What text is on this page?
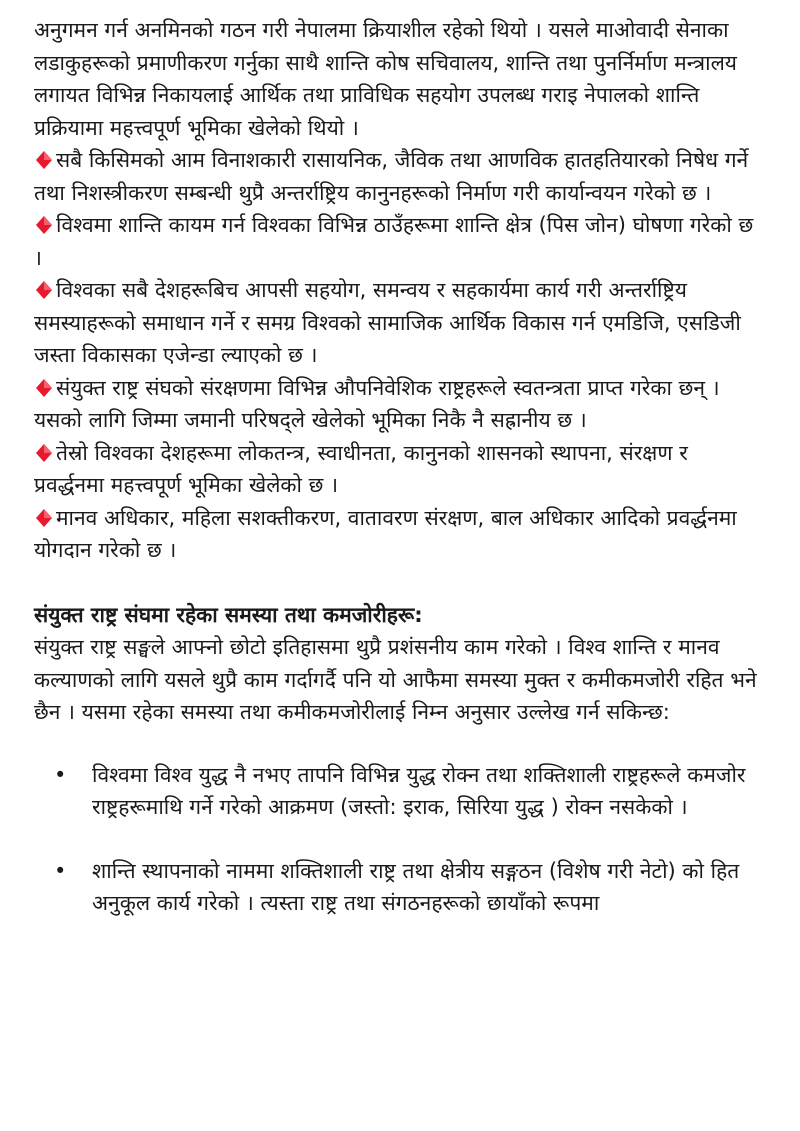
अनुगमन गर्न अनमिनको गठन गरी नेपालमा क्रियाशील रहेको थियो । यसले माओवादी सेनाका लडाकुहरूको प्रमाणीकरण गर्नुका साथै शान्ति कोष सचिवालय, शान्ति तथा पुनर्निर्माण मन्त्रालय लगायत विभिन्न निकायलाई आर्थिक तथा प्राविधिक सहयोग उपलब्ध गराइ नेपालको शान्ति प्रक्रियामा महत्त्वपूर्ण भूमिका खेलेको थियो ।

सबै किसिमको आम विनाशकारी रासायनिक, जैविक तथा आणविक हातहतियारको निषेध गर्ने तथा निशस्त्रीकरण सम्बन्धी थुप्रै अन्तर्राष्ट्रिय कानुनहरूको निर्माण गरी कार्यान्वयन गरेको छ ।

विश्वमा शान्ति कायम गर्न विश्वका विभिन्न ठाउँहरूमा शान्ति क्षेत्र (पिस जोन) घोषणा गरेको छ ।

विश्वका सबै देशहरूबिच आपसी सहयोग, समन्वय र सहकार्यमा कार्य गरी अन्तर्राष्ट्रिय समस्याहरूको समाधान गर्ने र समग्र विश्वको सामाजिक आर्थिक विकास गर्न एमडिजि, एसडिजी जस्ता विकासका एजेन्डा ल्याएको छ ।

संयुक्त राष्ट्र संघको संरक्षणमा विभिन्न औपनिवेशिक राष्ट्रहरूले स्वतन्त्रता प्राप्त गरेका छन् । यसको लागि जिम्मा जमानी परिषद्ले खेलेको भूमिका निकै नै सह्रानीय छ ।

तेस्रो विश्वका देशहरूमा लोकतन्त्र, स्वाधीनता, कानुनको शासनको स्थापना, संरक्षण र प्रवर्द्धनमा महत्त्वपूर्ण भूमिका खेलेको छ ।

मानव अधिकार, महिला सशक्तीकरण, वातावरण संरक्षण, बाल अधिकार आदिको प्रवर्द्धनमा योगदान गरेको छ ।

संयुक्त राष्ट्र संघमा रहेका समस्या तथा कमजोरीहरू:

संयुक्त राष्ट्र सङ्घले आफ्नो छोटो इतिहासमा थुप्रै प्रशंसनीय काम गरेको । विश्व शान्ति र मानव कल्याणको लागि यसले थुप्रै काम गर्दागर्दै पनि यो आफैमा समस्या मुक्त र कमीकमजोरी रहित भने छैन । यसमा रहेका समस्या तथा कमीकमजोरीलाई निम्न अनुसार उल्लेख गर्न सकिन्छ:

• विश्वमा विश्व युद्ध नै नभए तापनि विभिन्न युद्ध रोक्न तथा शक्तिशाली राष्ट्रहरूले कमजोर राष्ट्रहरूमाथि गर्ने गरेको आक्रमण (जस्तो: इराक, सिरिया युद्ध ) रोक्न नसकेको ।
• शान्ति स्थापनाको नाममा शक्तिशाली राष्ट्र तथा क्षेत्रीय सङ्गठन (विशेष गरी नेटो) को हित अनुकूल कार्य गरेको । त्यस्ता राष्ट्र तथा संगठनहरूको छायाँको रूपमा
